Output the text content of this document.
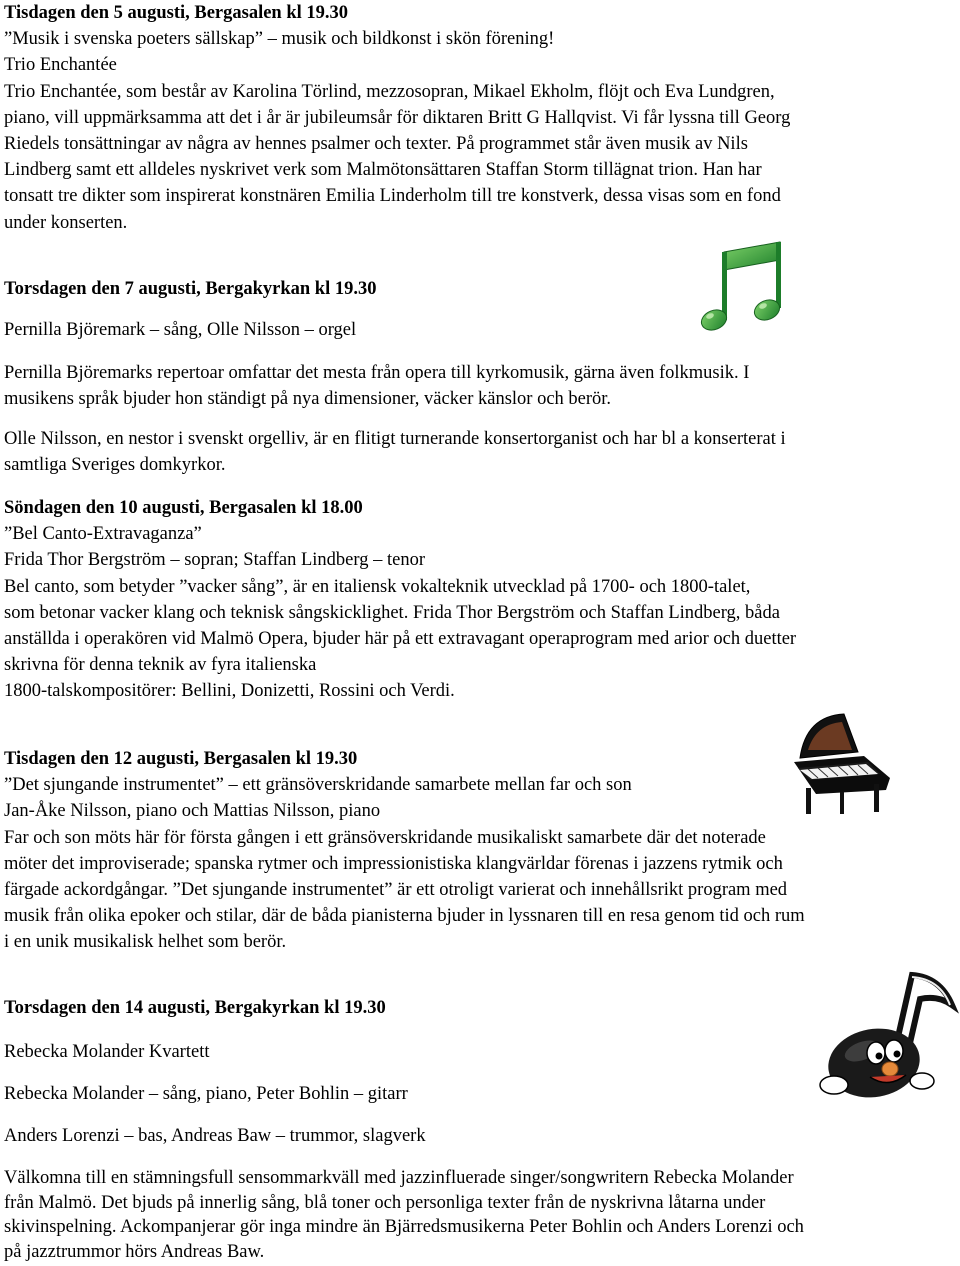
Tisdagen den 5 augusti, Bergasalen kl 19.30
”Musik i svenska poeters sällskap” – musik och bildkonst i skön förening!
Trio Enchantée
Trio Enchantée, som består av Karolina Törlind, mezzosopran, Mikael Ekholm, flöjt och Eva Lundgren,
piano, vill uppmärksamma att det i år är jubileumsår för diktaren Britt G Hallqvist. Vi får lyssna till Georg
Riedels tonsättningar av några av hennes psalmer och texter. På programmet står även musik av Nils
Lindberg samt ett alldeles nyskrivet verk som Malmötonsättaren Staffan Storm tillägnat trion. Han har
tonsatt tre dikter som inspirerat konstnären Emilia Linderholm till tre konstverk, dessa visas som en fond
under konserten.
Torsdagen den 7 augusti, Bergakyrkan kl 19.30
Pernilla Björemark – sång, Olle Nilsson – orgel
Pernilla Björemarks repertoar omfattar det mesta från opera till kyrkomusik, gärna även folkmusik. I
musikens språk bjuder hon ständigt på nya dimensioner, väcker känslor och berör.
Olle Nilsson, en nestor i svenskt orgelliv, är en flitigt turnerande konsertorganist och har bl a konserterat i
samtliga Sveriges domkyrkor.
Söndagen den 10 augusti, Bergasalen kl 18.00
”Bel Canto-Extravaganza”
Frida Thor Bergström – sopran; Staffan Lindberg – tenor
Bel canto, som betyder ”vacker sång”, är en italiensk vokalteknik utvecklad på 1700- och 1800-talet,
som betonar vacker klang och teknisk sångskicklighet. Frida Thor Bergström och Staffan Lindberg, båda
anställda i operakören vid Malmö Opera, bjuder här på ett extravagant operaprogram med arior och duetter
skrivna för denna teknik av fyra italienska
1800-talskompositörer: Bellini, Donizetti, Rossini och Verdi.
Tisdagen den 12 augusti, Bergasalen kl 19.30
”Det sjungande instrumentet” – ett gränsöverskridande samarbete mellan far och son
Jan-Åke Nilsson, piano och Mattias Nilsson, piano
Far och son möts här för första gången i ett gränsöverskridande musikaliskt samarbete där det noterade
möter det improviserade; spanska rytmer och impressionistiska klangvärldar förenas i jazzens rytmik och
färgade ackordgångar. ”Det sjungande instrumentet” är ett otroligt varierat och innehållsrikt program med
musik från olika epoker och stilar, där de båda pianisterna bjuder in lyssnaren till en resa genom tid och rum
i en unik musikalisk helhet som berör.
Torsdagen den 14 augusti, Bergakyrkan kl 19.30
Rebecka Molander Kvartett
Rebecka Molander – sång, piano, Peter Bohlin – gitarr
Anders Lorenzi – bas, Andreas Baw – trummor, slagverk
Välkomna till en stämningsfull sensommarkväll med jazzinfluerade singer/songwritern Rebecka Molander
från Malmö. Det bjuds på innerlig sång, blå toner och personliga texter från de nyskrivna låtarna under
skivinspelning. Ackompanjerar gör inga mindre än Bjärredsmusikerna Peter Bohlin och Anders Lorenzi och
på jazztrummor hörs Andreas Baw.
